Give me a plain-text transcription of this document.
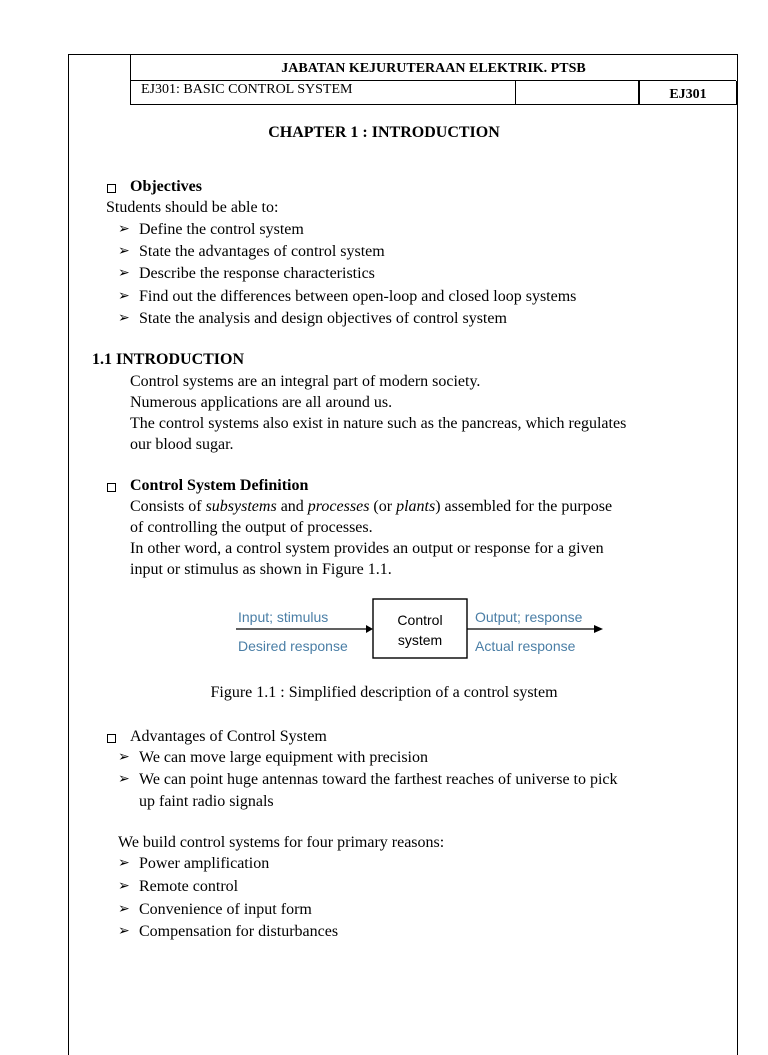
JABATAN KEJURUTERAAN ELEKTRIK. PTSB
EJ301: BASIC CONTROL SYSTEM	EJ301
CHAPTER 1 : INTRODUCTION
Objectives
Students should be able to:
➢ Define the control system
➢ State the advantages of control system
➢ Describe the response characteristics
➢ Find out the differences between open-loop and closed loop systems
➢ State the analysis and design objectives of control system
1.1 INTRODUCTION
Control systems are an integral part of modern society.
Numerous applications are all around us.
The control systems also exist in nature such as the pancreas, which regulates
our blood sugar.
Control System Definition
Consists of subsystems and processes (or plants) assembled for the purpose
of controlling the output of processes.
In other word, a control system provides an output or response for a given
input or stimulus as shown in Figure 1.1.
Input; stimulus
Desired response
Control
system
Output; response
Actual response
Figure 1.1 : Simplified description of a control system
Advantages of Control System
➢ We can move large equipment with precision
➢ We can point huge antennas toward the farthest reaches of universe to pick
up faint radio signals
We build control systems for four primary reasons:
➢ Power amplification
➢ Remote control
➢ Convenience of input form
➢ Compensation for disturbances
